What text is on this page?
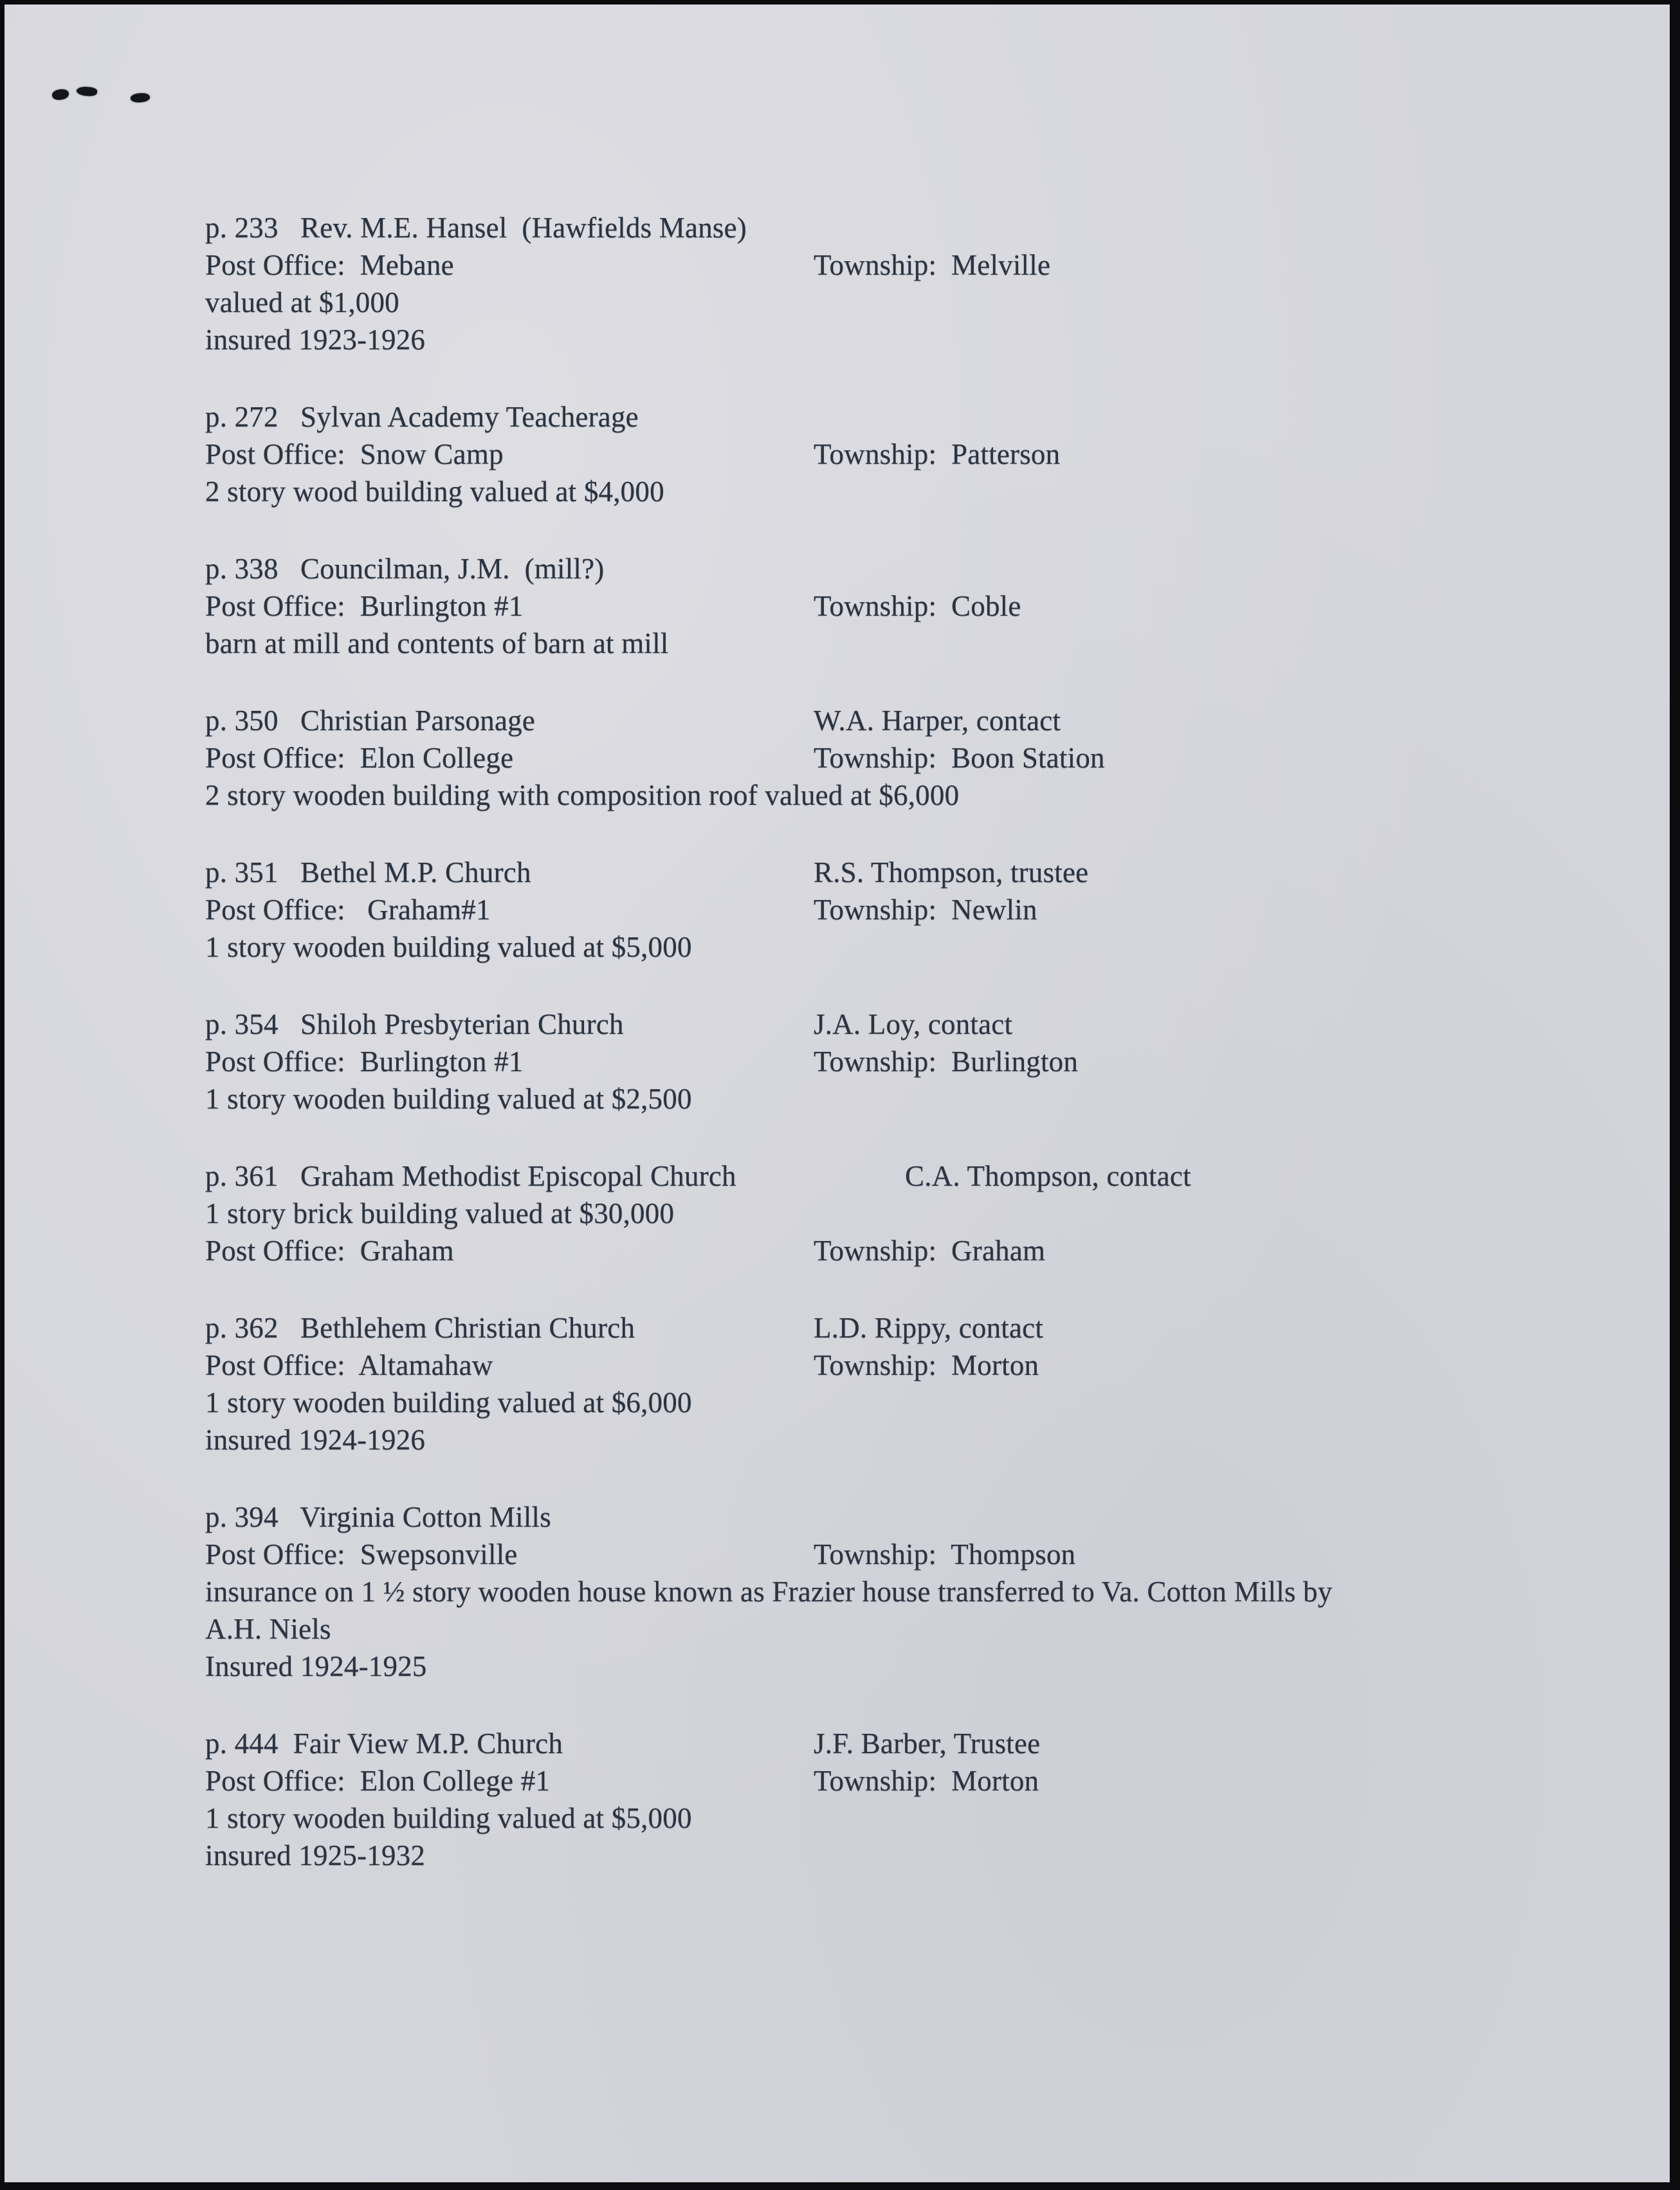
p. 233   Rev. M.E. Hansel  (Hawfields Manse)
Post Office:  Mebane	Township:  Melville
valued at $1,000
insured 1923-1926
p. 272   Sylvan Academy Teacherage
Post Office:  Snow Camp	Township:  Patterson
2 story wood building valued at $4,000
p. 338   Councilman, J.M.  (mill?)
Post Office:  Burlington #1	Township:  Coble
barn at mill and contents of barn at mill
p. 350   Christian Parsonage	W.A. Harper, contact
Post Office:  Elon College	Township:  Boon Station
2 story wooden building with composition roof valued at $6,000
p. 351   Bethel M.P. Church	R.S. Thompson, trustee
Post Office:   Graham#1	Township:  Newlin
1 story wooden building valued at $5,000
p. 354   Shiloh Presbyterian Church	J.A. Loy, contact
Post Office:  Burlington #1	Township:  Burlington
1 story wooden building valued at $2,500
p. 361   Graham Methodist Episcopal Church	C.A. Thompson, contact
1 story brick building valued at $30,000
Post Office:  Graham	Township:  Graham
p. 362   Bethlehem Christian Church	L.D. Rippy, contact
Post Office:  Altamahaw	Township:  Morton
1 story wooden building valued at $6,000
insured 1924-1926
p. 394   Virginia Cotton Mills
Post Office:  Swepsonville	Township:  Thompson
insurance on 1 ½ story wooden house known as Frazier house transferred to Va. Cotton Mills by
A.H. Niels
Insured 1924-1925
p. 444  Fair View M.P. Church	J.F. Barber, Trustee
Post Office:  Elon College #1	Township:  Morton
1 story wooden building valued at $5,000
insured 1925-1932
